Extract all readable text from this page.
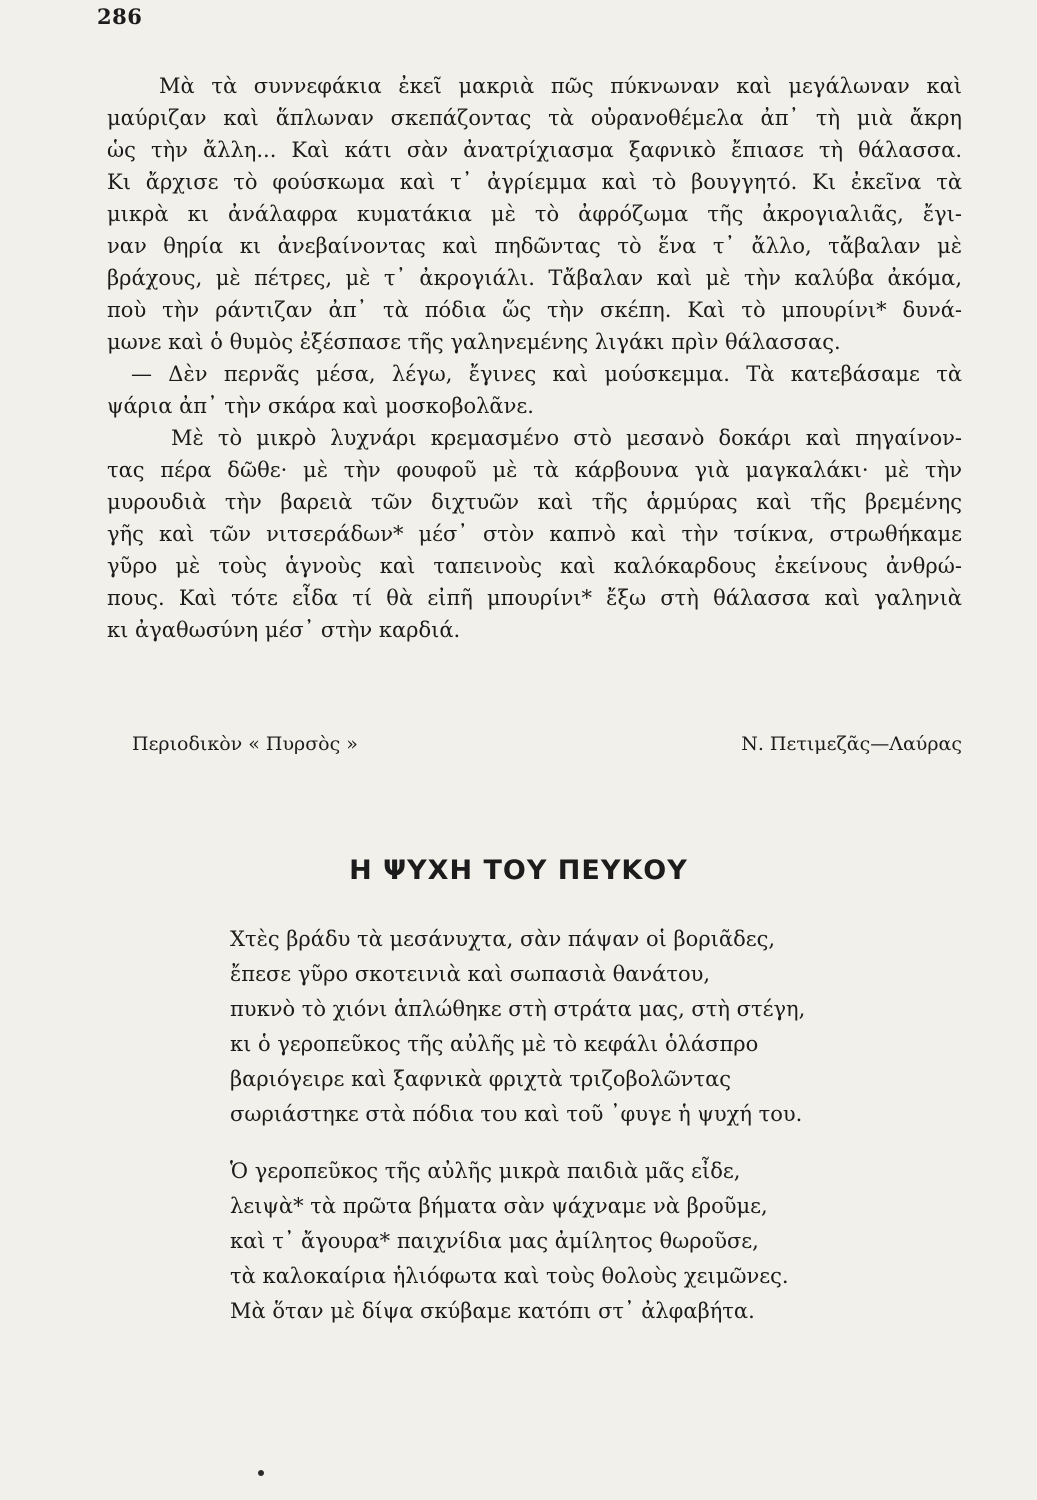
286

Μὰ τὰ συννεφάκια ἐκεῖ μακριὰ πῶς πύκνωναν καὶ μεγάλωναν καὶ
μαύριζαν καὶ ἅπλωναν σκεπάζοντας τὰ οὐρανοθέμελα ἀπ᾽ τὴ μιὰ ἄκρη
ὡς τὴν ἄλλη... Καὶ κάτι σὰν ἀνατρίχιασμα ξαφνικὸ ἔπιασε τὴ θάλασσα.
Κι ἄρχισε τὸ φούσκωμα καὶ τ᾽ ἀγρίεμμα καὶ τὸ βουγγητό. Κι ἐκεῖνα τὰ
μικρὰ κι ἀνάλαφρα κυματάκια μὲ τὸ ἀφρόζωμα τῆς ἀκρογιαλιᾶς, ἔγι-
ναν θηρία κι ἀνεβαίνοντας καὶ πηδῶντας τὸ ἕνα τ᾽ ἄλλο, τἄβαλαν μὲ
βράχους, μὲ πέτρες, μὲ τ᾽ ἀκρογιάλι. Τἄβαλαν καὶ μὲ τὴν καλύβα ἀκόμα,
ποὺ τὴν ράντιζαν ἀπ᾽ τὰ πόδια ὥς τὴν σκέπη. Καὶ τὸ μπουρίνι* δυνά-
μωνε καὶ ὁ θυμὸς ἐξέσπασε τῆς γαληνεμένης λιγάκι πρὶν θάλασσας.

— Δὲν περνᾶς μέσα, λέγω, ἔγινες καὶ μούσκεμμα. Τὰ κατεβάσαμε τὰ
ψάρια ἀπ᾽ τὴν σκάρα καὶ μοσκοβολᾶνε.

Μὲ τὸ μικρὸ λυχνάρι κρεμασμένο στὸ μεσανὸ δοκάρι καὶ πηγαίνον-
τας πέρα δῶθε· μὲ τὴν φουφοῦ μὲ τὰ κάρβουνα γιὰ μαγκαλάκι· μὲ τὴν
μυρουδιὰ τὴν βαρειὰ τῶν διχτυῶν καὶ τῆς ἁρμύρας καὶ τῆς βρεμένης
γῆς καὶ τῶν νιτσεράδων* μέσ᾽ στὸν καπνὸ καὶ τὴν τσίκνα, στρωθήκαμε
γῦρο μὲ τοὺς ἁγνοὺς καὶ ταπεινοὺς καὶ καλόκαρδους ἐκείνους ἀνθρώ-
πους. Καὶ τότε εἶδα τί θὰ εἰπῆ μπουρίνι* ἔξω στὴ θάλασσα καὶ γαληνιὰ
κι ἀγαθωσύνη μέσ᾽ στὴν καρδιά.

Περιοδικὸν « Πυρσὸς »	Ν. Πετιμεζᾶς—Λαύρας
Η ΨΥΧΗ ΤΟΥ ΠΕΥΚΟΥ
Χτὲς βράδυ τὰ μεσάνυχτα, σὰν πάψαν οἱ βοριᾶδες,
ἔπεσε γῦρο σκοτεινιὰ καὶ σωπασιὰ θανάτου,
πυκνὸ τὸ χιόνι ἁπλώθηκε στὴ στράτα μας, στὴ στέγη,
κι ὁ γεροπεῦκος τῆς αὐλῆς μὲ τὸ κεφάλι ὁλάσπρο
βαριόγειρε καὶ ξαφνικὰ φριχτὰ τριζοβολῶντας
σωριάστηκε στὰ πόδια του καὶ τοῦ ᾽φυγε ἡ ψυχή του.
Ὁ γεροπεῦκος τῆς αὐλῆς μικρὰ παιδιὰ μᾶς εἶδε,
λειψὰ* τὰ πρῶτα βήματα σὰν ψάχναμε νὰ βροῦμε,
καὶ τ᾽ ἄγουρα* παιχνίδια μας ἀμίλητος θωροῦσε,
τὰ καλοκαίρια ἡλιόφωτα καὶ τοὺς θολοὺς χειμῶνες.
Μὰ ὅταν μὲ δίψα σκύβαμε κατόπι στ᾽ ἀλφαβήτα.
